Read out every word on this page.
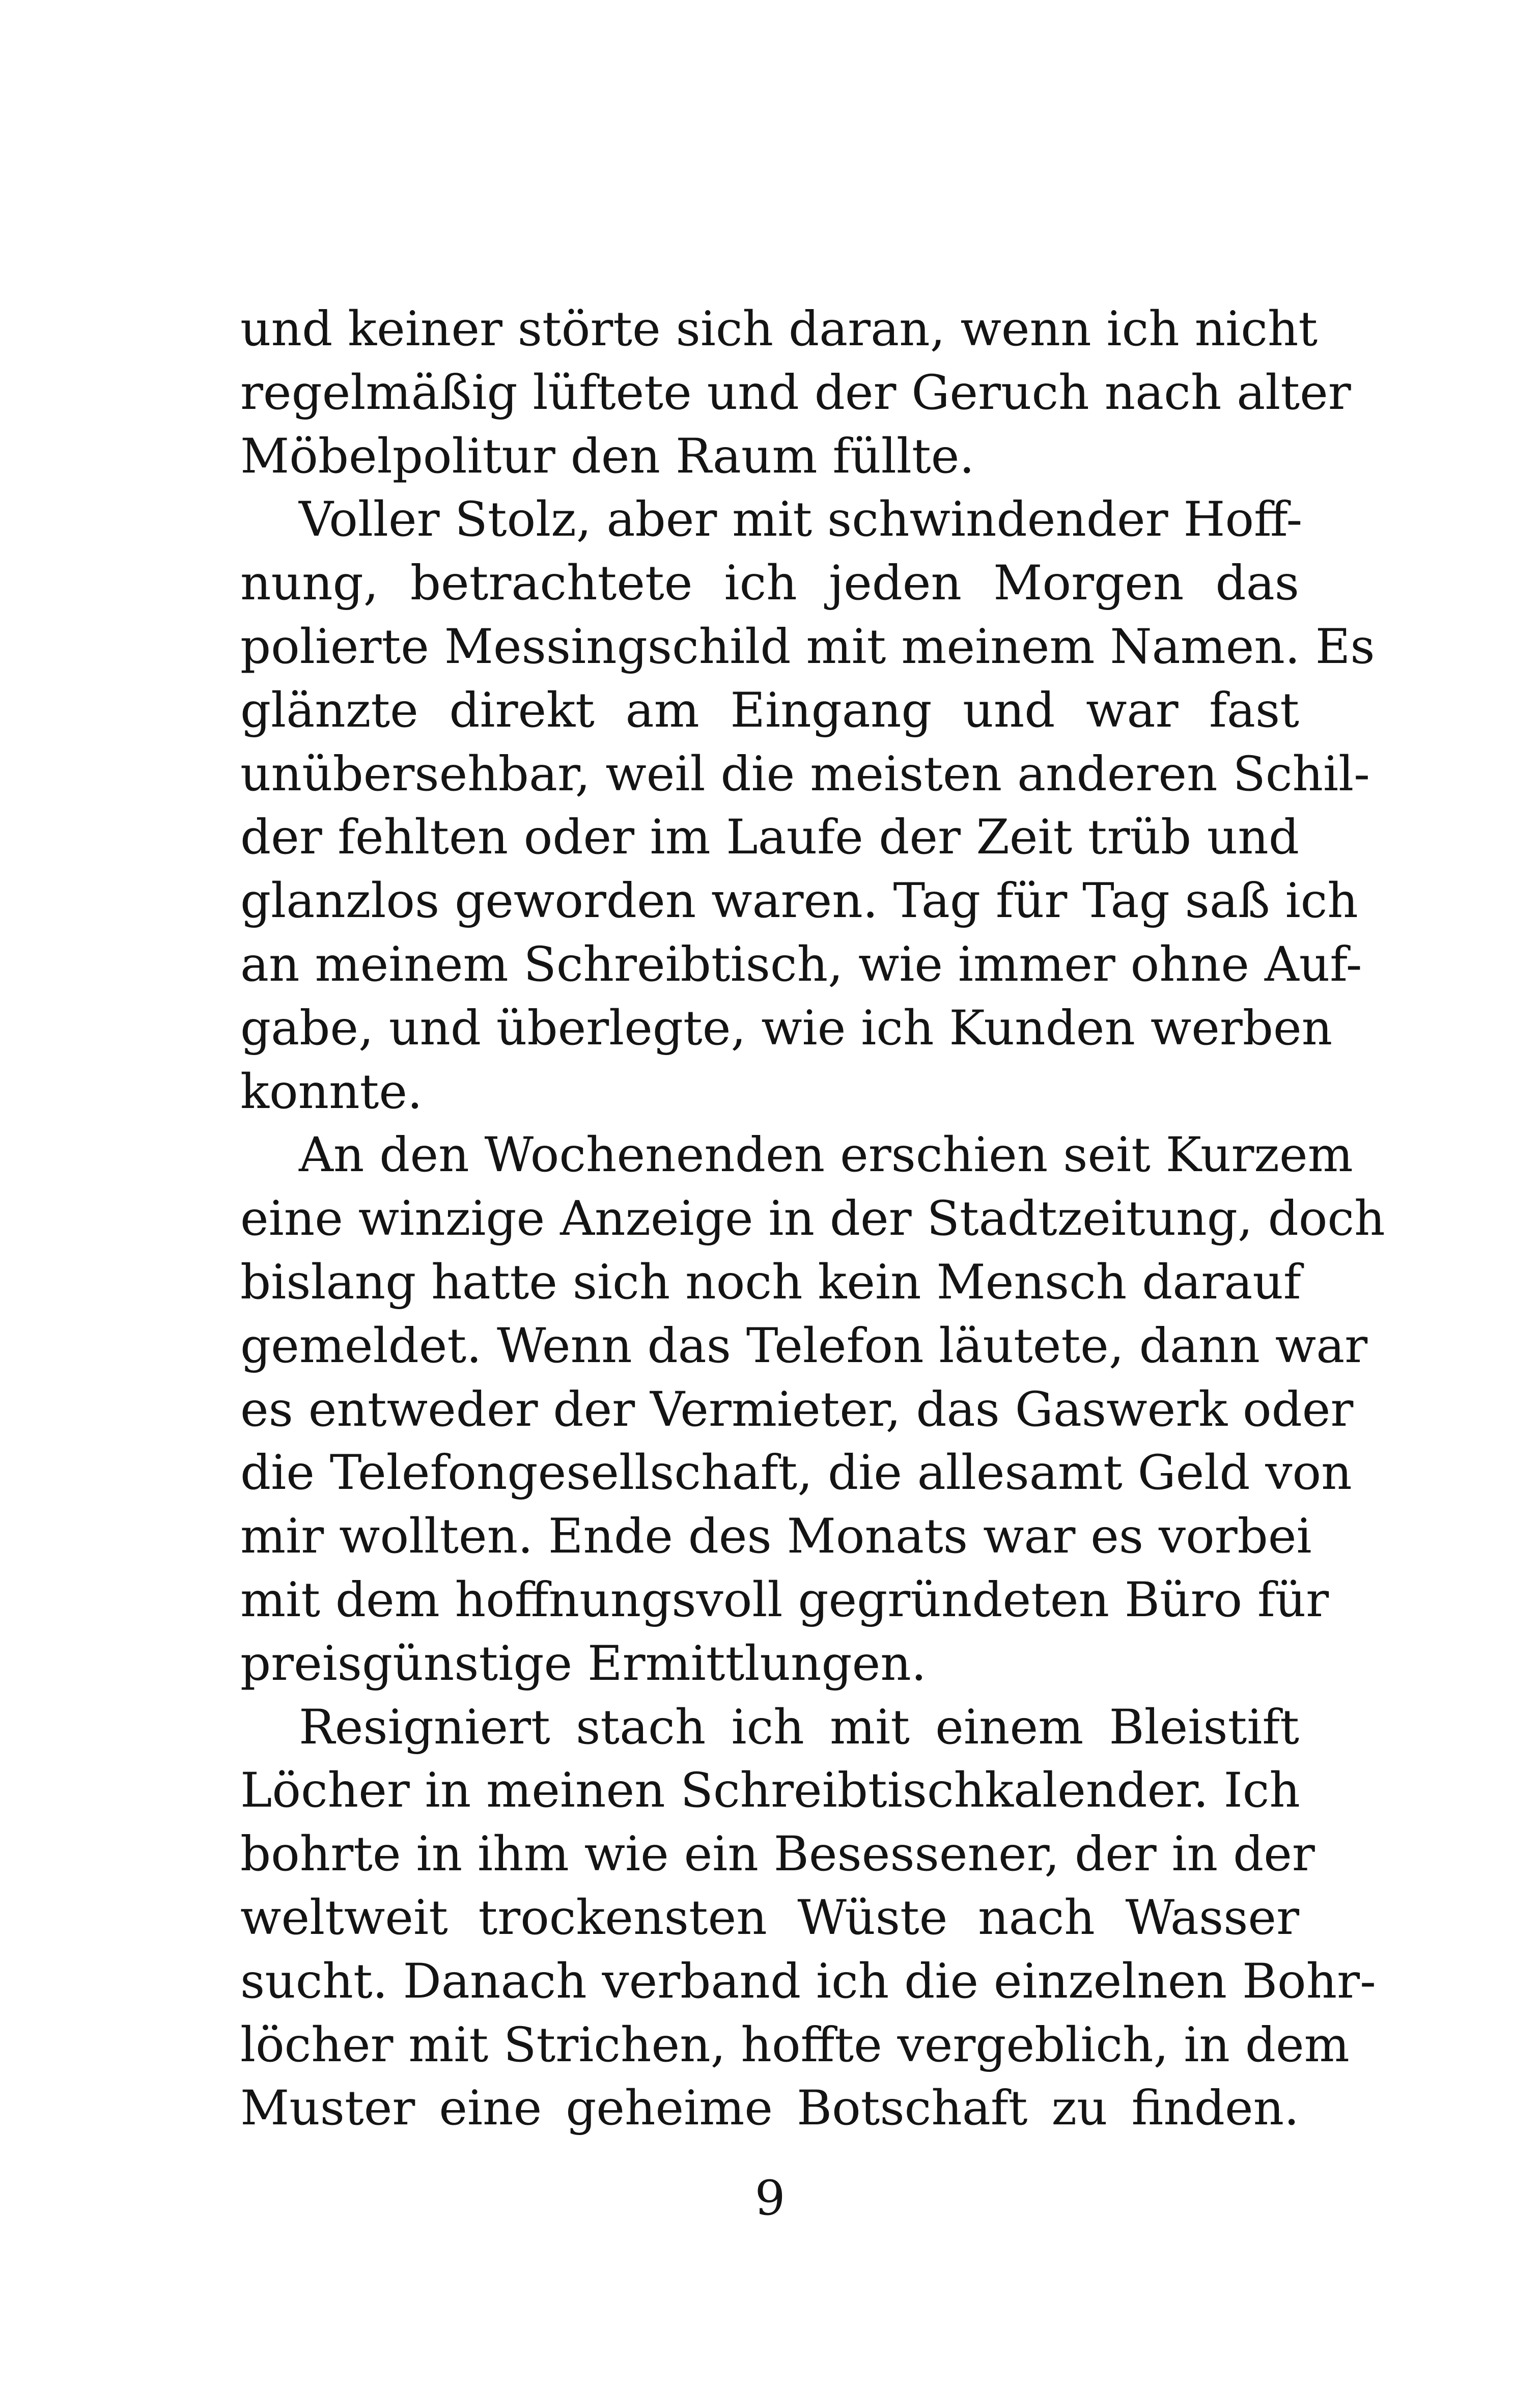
und keiner störte sich daran, wenn ich nicht
regelmäßig lüftete und der Geruch nach alter
Möbelpolitur den Raum füllte.
Voller Stolz, aber mit schwindender Hoff-
nung, betrachtete ich jeden Morgen das
polierte Messingschild mit meinem Namen. Es
glänzte direkt am Eingang und war fast
unübersehbar, weil die meisten anderen Schil-
der fehlten oder im Laufe der Zeit trüb und
glanzlos geworden waren. Tag für Tag saß ich
an meinem Schreibtisch, wie immer ohne Auf-
gabe, und überlegte, wie ich Kunden werben
konnte.
An den Wochenenden erschien seit Kurzem
eine winzige Anzeige in der Stadtzeitung, doch
bislang hatte sich noch kein Mensch darauf
gemeldet. Wenn das Telefon läutete, dann war
es entweder der Vermieter, das Gaswerk oder
die Telefongesellschaft, die allesamt Geld von
mir wollten. Ende des Monats war es vorbei
mit dem hoffnungsvoll gegründeten Büro für
preisgünstige Ermittlungen.
Resigniert stach ich mit einem Bleistift
Löcher in meinen Schreibtischkalender. Ich
bohrte in ihm wie ein Besessener, der in der
weltweit trockensten Wüste nach Wasser
sucht. Danach verband ich die einzelnen Bohr-
löcher mit Strichen, hoffte vergeblich, in dem
Muster eine geheime Botschaft zu finden.
9
